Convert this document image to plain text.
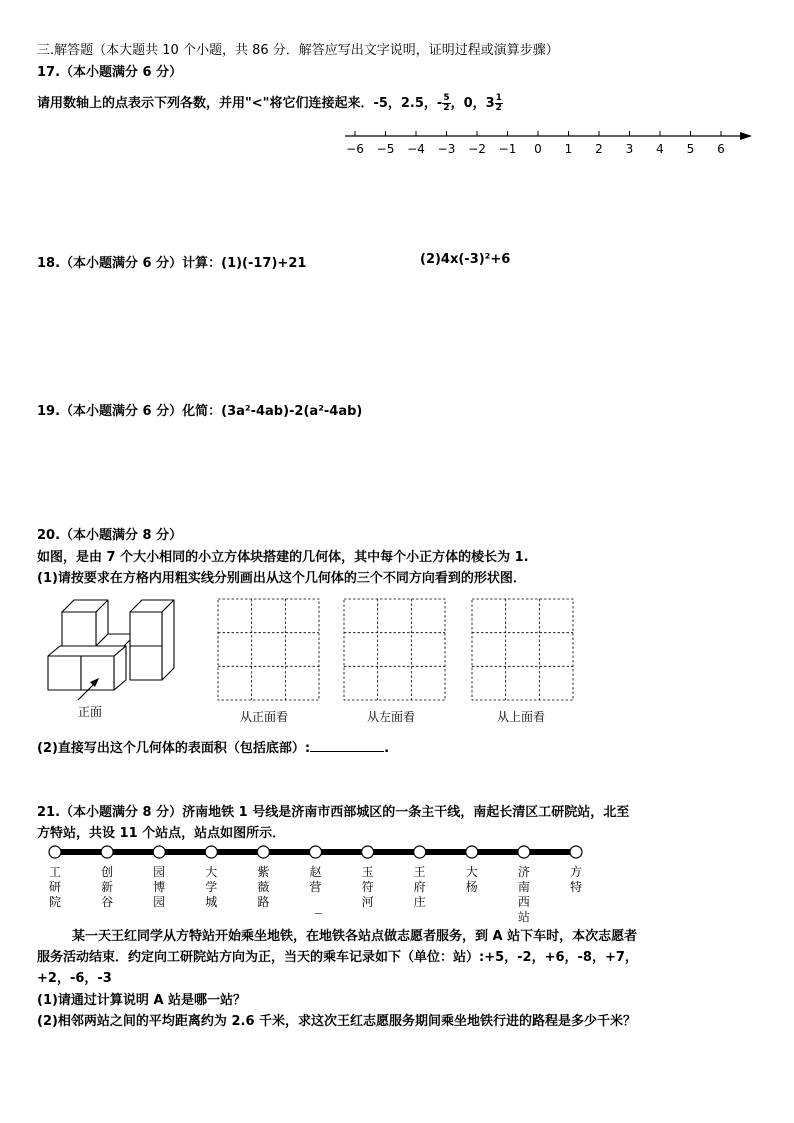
三.解答题（本大题共 10 个小题，共 86 分．解答应写出文字说明，证明过程或演算步骤）
17.（本小题满分 6 分）
请用数轴上的点表示下列各数，并用"<"将它们连接起来．-5，2.5，- $\frac{5}{2}$ ，0，$3 \frac{1}{2}$
−6	−5	−4	−3	−2	−1	0	1	2	3	4	5	6
18.（本小题满分 6 分）计算：(1)(-17)+21	(2)4x(-3)²+6
19.（本小题满分 6 分）化简：(3a²-4ab)-2(a²-4ab)
20.（本小题满分 8 分）
如图，是由 7 个大小相同的小立方体块搭建的几何体，其中每个小正方体的棱长为 1.
(1)请按要求在方格内用粗实线分别画出从这个几何体的三个不同方向看到的形状图．
正面	从正面看	从左面看	从上面看
(2)直接写出这个几何体的表面积（包括底部）:	.
21.（本小题满分 8 分）济南地铁 1 号线是济南市西部城区的一条主干线，南起长清区工研院站，北至
方特站，共设 11 个站点，站点如图所示．
工研院
创新谷
园博园
大学城
紫薇路
赵营
玉符河
王府庄
大杨
济南西站
方特
‾‾
某一天王红同学从方特站开始乘坐地铁，在地铁各站点做志愿者服务，到 A 站下车时，本次志愿者
服务活动结束．约定向工研院站方向为正，当天的乘车记录如下（单位：站）:+5，-2，+6，-8，+7，
+2，-6，-3
(1)请通过计算说明 A 站是哪一站？
(2)相邻两站之间的平均距离约为 2.6 千米，求这次王红志愿服务期间乘坐地铁行进的路程是多少千米？
